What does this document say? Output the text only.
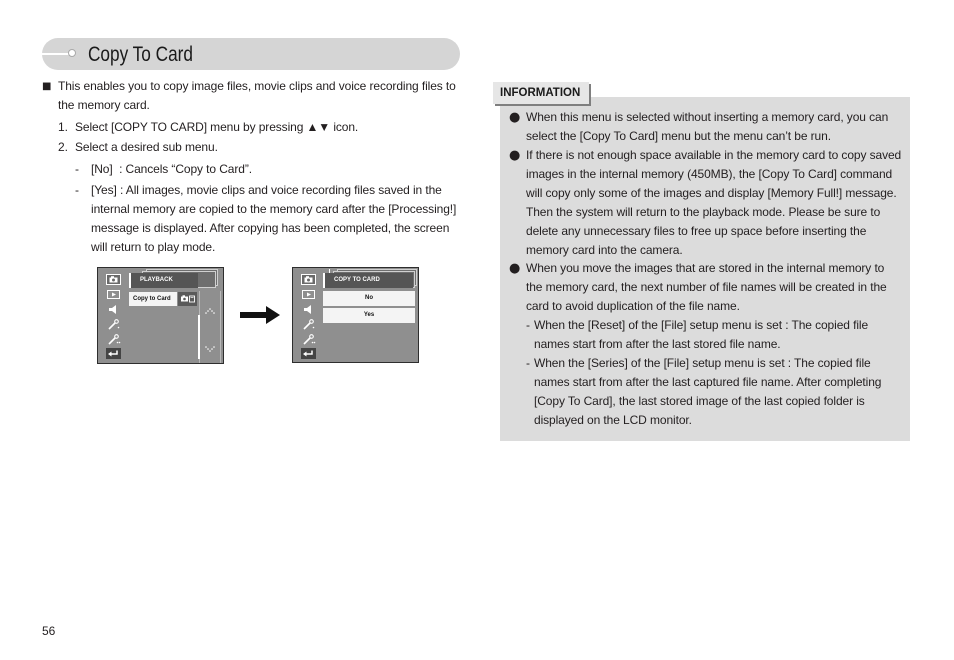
Copy To Card
■ This enables you to copy image files, movie clips and voice recording files to
the memory card.
1. Select [COPY TO CARD] menu by pressing ▲▼ icon.
2. Select a desired sub menu.
- [No]  : Cancels “Copy to Card”.
- [Yes] : All images, movie clips and voice recording files saved in the
internal memory are copied to the memory card after the [Processing!]
message is displayed. After copying has been completed, the screen
will return to play mode.
PLAYBACK
Copy to Card
COPY TO CARD
No
Yes
INFORMATION
● When this menu is selected without inserting a memory card, you can
select the [Copy To Card] menu but the menu can’t be run.
● If there is not enough space available in the memory card to copy saved
images in the internal memory (450MB), the [Copy To Card] command
will copy only some of the images and display [Memory Full!] message.
Then the system will return to the playback mode. Please be sure to
delete any unnecessary files to free up space before inserting the
memory card into the camera.
● When you move the images that are stored in the internal memory to
the memory card, the next number of file names will be created in the
card to avoid duplication of the file name.
- When the [Reset] of the [File] setup menu is set : The copied file
names start from after the last stored file name.
- When the [Series] of the [File] setup menu is set : The copied file
names start from after the last captured file name. After completing
[Copy To Card], the last stored image of the last copied folder is
displayed on the LCD monitor.
56
